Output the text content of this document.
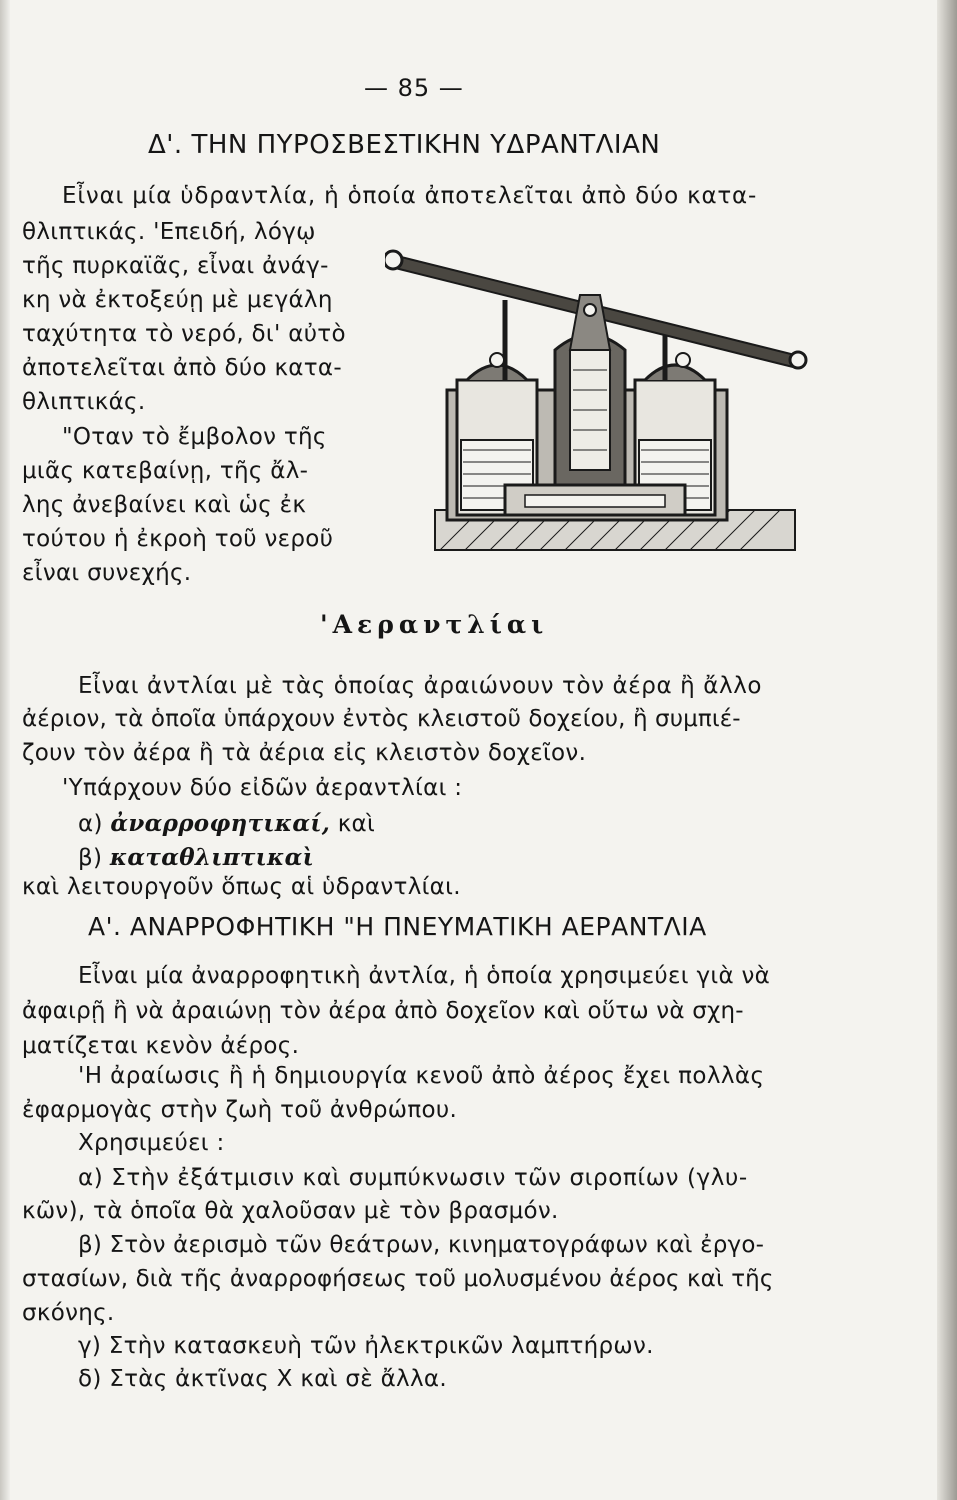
— 85 —
Δ'. ΤΗΝ ΠΥΡΟΣΒΕΣΤΙΚΗΝ ΥΔΡΑΝΤΛΙΑΝ
Εἶναι μία ὑδραντλία, ἡ ὁποία ἀποτελεῖται ἀπὸ δύο κατα-
θλιπτικάς. 'Επειδή, λόγῳ
τῆς πυρκαϊᾶς, εἶναι ἀνάγ-
κη νὰ ἐκτοξεύῃ μὲ μεγάλη
ταχύτητα τὸ νερό, δι' αὐτὸ
ἀποτελεῖται ἀπὸ δύο κατα-
θλιπτικάς.
"Οταν τὸ ἔμβολον τῆς
μιᾶς κατεβαίνῃ, τῆς ἄλ-
λης ἀνεβαίνει καὶ ὡς ἐκ
τούτου ἡ ἐκροὴ τοῦ νεροῦ
εἶναι συνεχής.
'Αεραντλίαι
Εἶναι ἀντλίαι μὲ τὰς ὁποίας ἀραιώνουν τὸν ἀέρα ἢ ἄλλο
ἀέριον, τὰ ὁποῖα ὑπάρχουν ἐντὸς κλειστοῦ δοχείου, ἢ συμπιέ-
ζουν τὸν ἀέρα ἢ τὰ ἀέρια εἰς κλειστὸν δοχεῖον.
'Υπάρχουν δύο εἰδῶν ἀεραντλίαι :
α) ἀναρροφητικαί, καὶ
β) καταθλιπτικαὶ
καὶ λειτουργοῦν ὅπως αἱ ὑδραντλίαι.
Α'. ΑΝΑΡΡΟΦΗΤΙΚΗ "Η ΠΝΕΥΜΑΤΙΚΗ ΑΕΡΑΝΤΛΙΑ
Εἶναι μία ἀναρροφητικὴ ἀντλία, ἡ ὁποία χρησιμεύει γιὰ νὰ
ἀφαιρῇ ἢ νὰ ἀραιώνῃ τὸν ἀέρα ἀπὸ δοχεῖον καὶ οὕτω νὰ σχη-
ματίζεται κενὸν ἀέρος.
'Η ἀραίωσις ἢ ἡ δημιουργία κενοῦ ἀπὸ ἀέρος ἔχει πολλὰς
ἐφαρμογὰς στὴν ζωὴ τοῦ ἀνθρώπου.
Χρησιμεύει :
α) Στὴν ἐξάτμισιν καὶ συμπύκνωσιν τῶν σιροπίων (γλυ-
κῶν), τὰ ὁποῖα θὰ χαλοῦσαν μὲ τὸν βρασμόν.
β) Στὸν ἀερισμὸ τῶν θεάτρων, κινηματογράφων καὶ ἐργο-
στασίων, διὰ τῆς ἀναρροφήσεως τοῦ μολυσμένου ἀέρος καὶ τῆς
σκόνης.
γ) Στὴν κατασκευὴ τῶν ἠλεκτρικῶν λαμπτήρων.
δ) Στὰς ἀκτῖνας Χ καὶ σὲ ἄλλα.
